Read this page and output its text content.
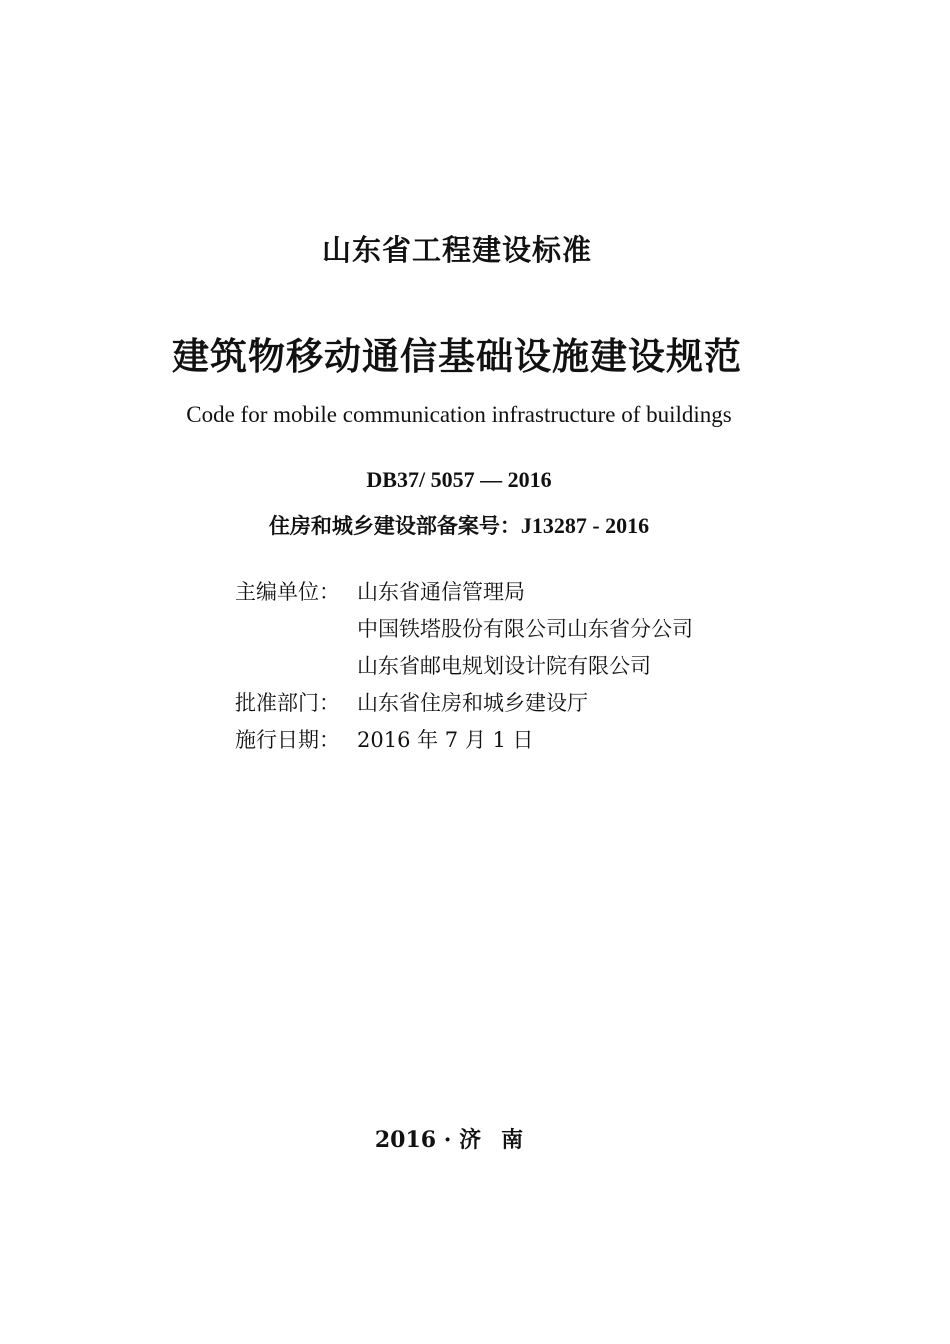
山东省工程建设标准
建筑物移动通信基础设施建设规范
Code for mobile communication infrastructure of buildings
DB37/ 5057 — 2016
住房和城乡建设部备案号：J13287 - 2016
主编单位： 山东省通信管理局
中国铁塔股份有限公司山东省分公司
山东省邮电规划设计院有限公司
批准部门： 山东省住房和城乡建设厅
施行日期： 2016 年 7 月 1 日
2016 · 济南
